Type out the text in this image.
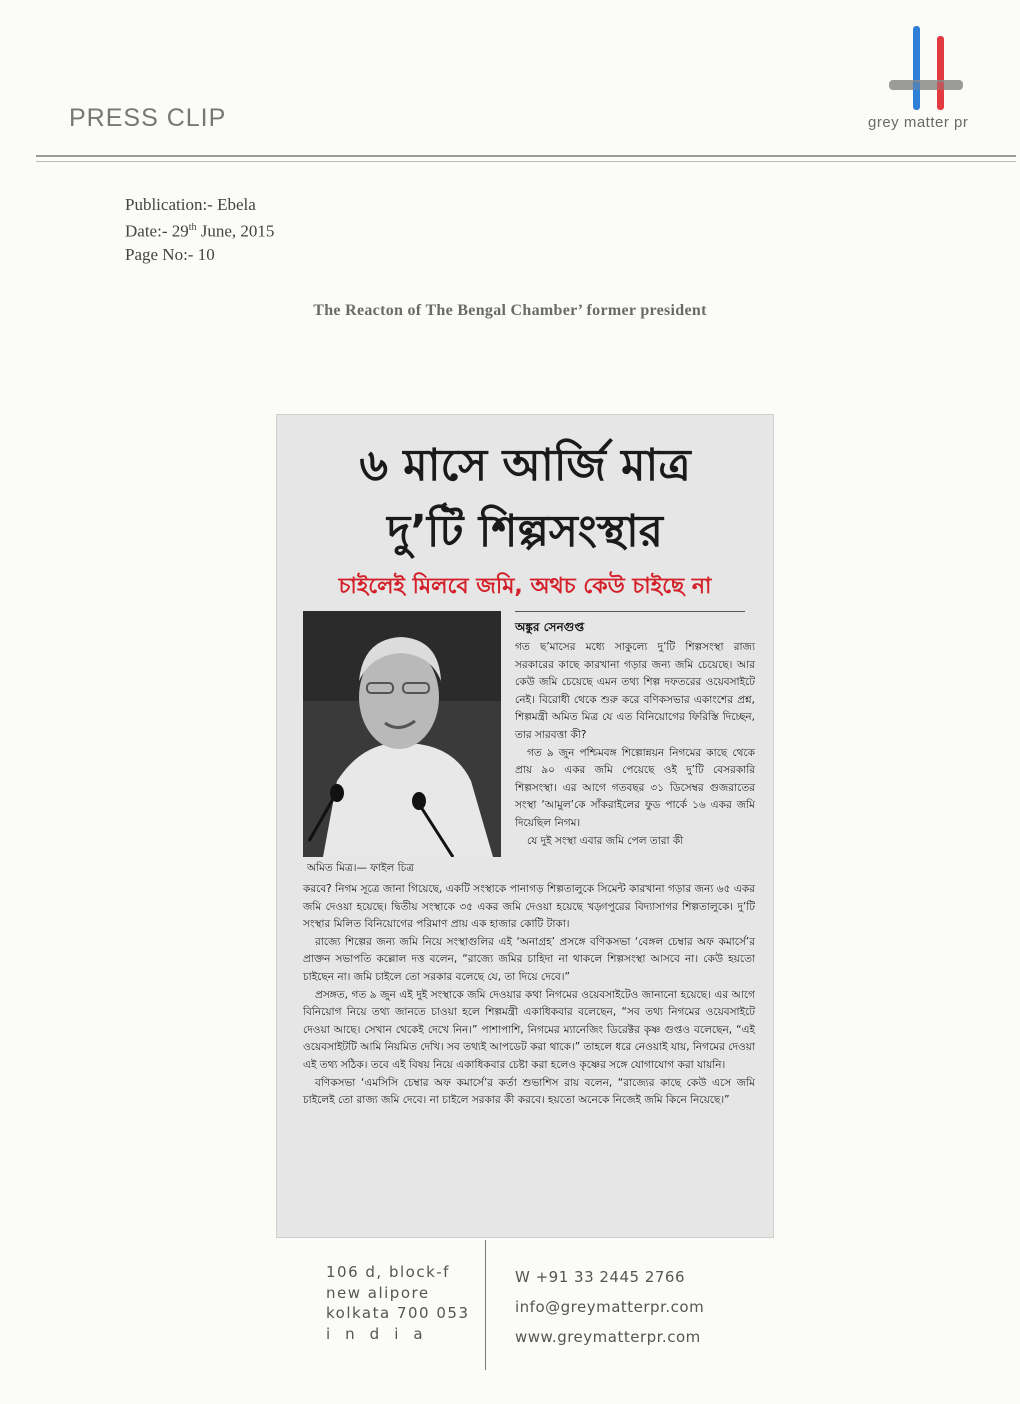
PRESS CLIP	grey matter pr
Publication:- Ebela
Date:- 29th June, 2015
Page No:- 10
The Reacton of The Bengal Chamber’ former president
৬ মাসে আর্জি মাত্র
দু’টি শিল্পসংস্থার
চাইলেই মিলবে জমি, অথচ কেউ চাইছে না
অমিত মিত্র।— ফাইল চিত্র
অঙ্কুর সেনগুপ্ত

গত ছ’মাসের মধ্যে সাকুল্যে দু’টি শিল্পসংস্থা রাজ্য সরকারের কাছে কারখানা গড়ার জন্য জমি চেয়েছে। আর কেউ জমি চেয়েছে এমন তথ্য শিল্প দফতরের ওয়েবসাইটে নেই। বিরোধী থেকে শুরু করে বণিকসভার একাংশের প্রশ্ন, শিল্পমন্ত্রী অমিত মিত্র যে এত বিনিয়োগের ফিরিস্তি দিচ্ছেন, তার সারবত্তা কী?

গত ৯ জুন পশ্চিমবঙ্গ শিল্পোন্নয়ন নিগমের কাছে থেকে প্রায় ৯০ একর জমি পেয়েছে ওই দু’টি বেসরকারি শিল্পসংস্থা। এর আগে গতবছর ৩১ ডিসেম্বর গুজরাতের সংস্থা ‘আমুল’কে সাঁকরাইলের ফুড পার্কে ১৬ একর জমি দিয়েছিল নিগম।

যে দুই সংস্থা এবার জমি পেল তারা কী

করবে? নিগম সূত্রে জানা গিয়েছে, একটি সংস্থাকে পানাগড় শিল্পতালুকে সিমেন্ট কারখানা গড়ার জন্য ৬৫ একর জমি দেওয়া হয়েছে। দ্বিতীয় সংস্থাকে ৩৫ একর জমি দেওয়া হয়েছে খড়্গপুরের বিদ্যাসাগর শিল্পতালুকে। দু’টি সংস্থার মিলিত বিনিয়োগের পরিমাণ প্রায় এক হাজার কোটি টাকা।

রাজ্যে শিল্পের জন্য জমি নিয়ে সংস্থাগুলির এই ‘অনাগ্রহ’ প্রসঙ্গে বণিকসভা ‘বেঙ্গল চেম্বার অফ কমার্সে’র প্রাক্তন সভাপতি কল্লোল দত্ত বলেন, “রাজ্যে জমির চাহিদা না থাকলে শিল্পসংস্থা আসবে না। কেউ হয়তো চাইছেন না। জমি চাইলে তো সরকার বলেছে যে, তা দিয়ে দেবে।”

প্রসঙ্গত, গত ৯ জুন এই দুই সংস্থাকে জমি দেওয়ার কথা নিগমের ওয়েবসাইটেও জানানো হয়েছে। এর আগে বিনিয়োগ নিয়ে তথ্য জানতে চাওয়া হলে শিল্পমন্ত্রী একাধিকবার বলেছেন, “সব তথ্য নিগমের ওয়েবসাইটে দেওয়া আছে। সেখান থেকেই দেখে নিন।” পাশাপাশি, নিগমের ম্যানেজিং ডিরেক্টর কৃষ্ণ গুপ্তও বলেছেন, “এই ওয়েবসাইটটি আমি নিয়মিত দেখি। সব তথ্যই আপডেট করা থাকে।” তাহলে ধরে নেওয়াই যায়, নিগমের দেওয়া এই তথ্য সঠিক। তবে এই বিষয় নিয়ে একাধিকবার চেষ্টা করা হলেও কৃষ্ণের সঙ্গে যোগাযোগ করা যায়নি।

বণিকসভা ‘এমসিসি চেম্বার অফ কমার্সে’র কর্তা শুভাশিস রায় বলেন, “রাজ্যের কাছে কেউ এসে জমি চাইলেই তো রাজ্য জমি দেবে। না চাইলে সরকার কী করবে। হয়তো অনেকে নিজেই জমি কিনে নিয়েছে।”

106 d, block-f
new alipore
kolkata 700 053
india
W +91 33 2445 2766
info@greymatterpr.com
www.greymatterpr.com
